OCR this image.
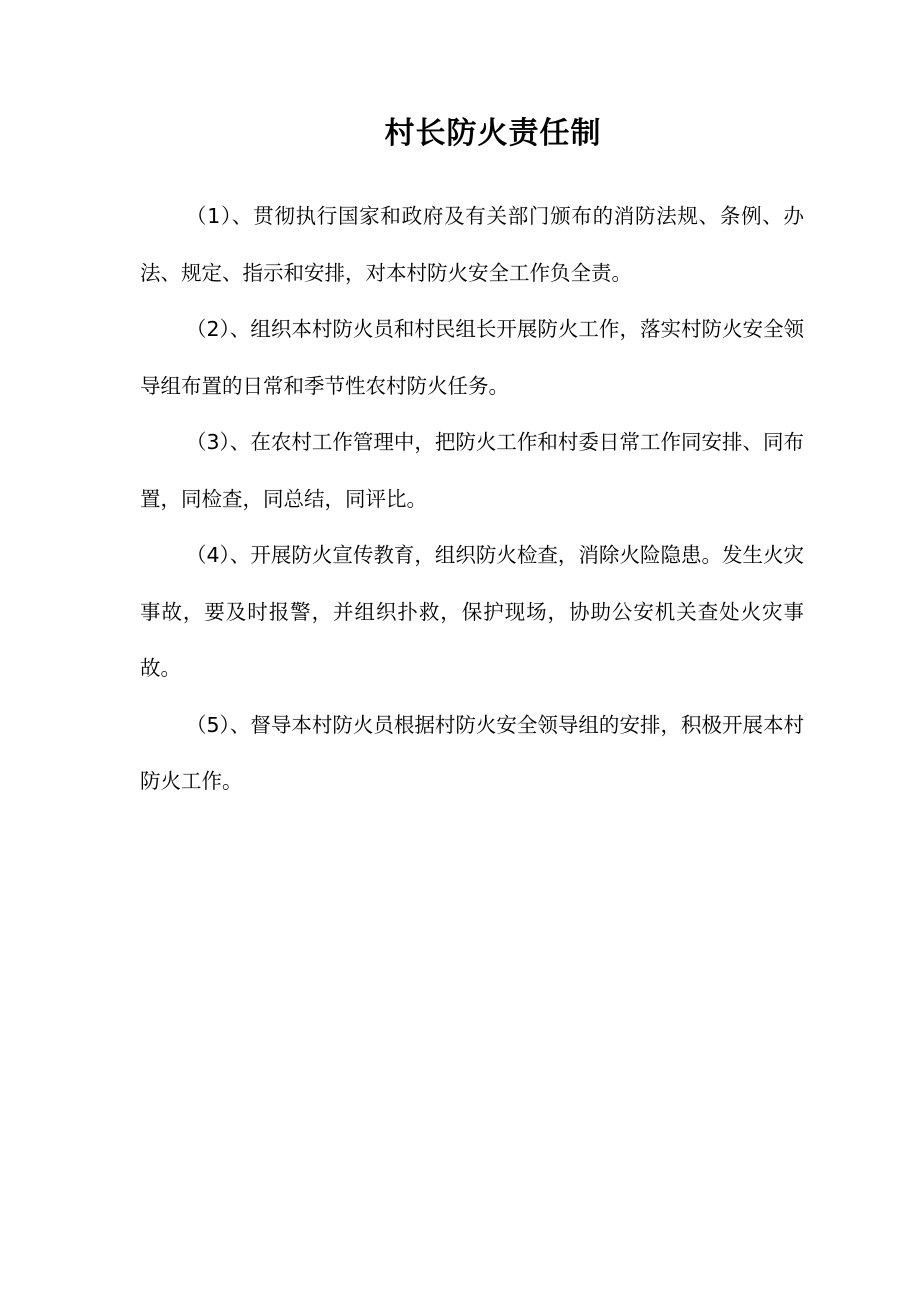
村长防火责任制

（1）、贯彻执行国家和政府及有关部门颁布的消防法规、条例、办法、规定、指示和安排，对本村防火安全工作负全责。

（2）、组织本村防火员和村民组长开展防火工作，落实村防火安全领导组布置的日常和季节性农村防火任务。

（3）、在农村工作管理中，把防火工作和村委日常工作同安排、同布置，同检查，同总结，同评比。

（4）、开展防火宣传教育，组织防火检查，消除火险隐患。发生火灾事故，要及时报警，并组织扑救，保护现场，协助公安机关查处火灾事故。

（5）、督导本村防火员根据村防火安全领导组的安排，积极开展本村防火工作。
